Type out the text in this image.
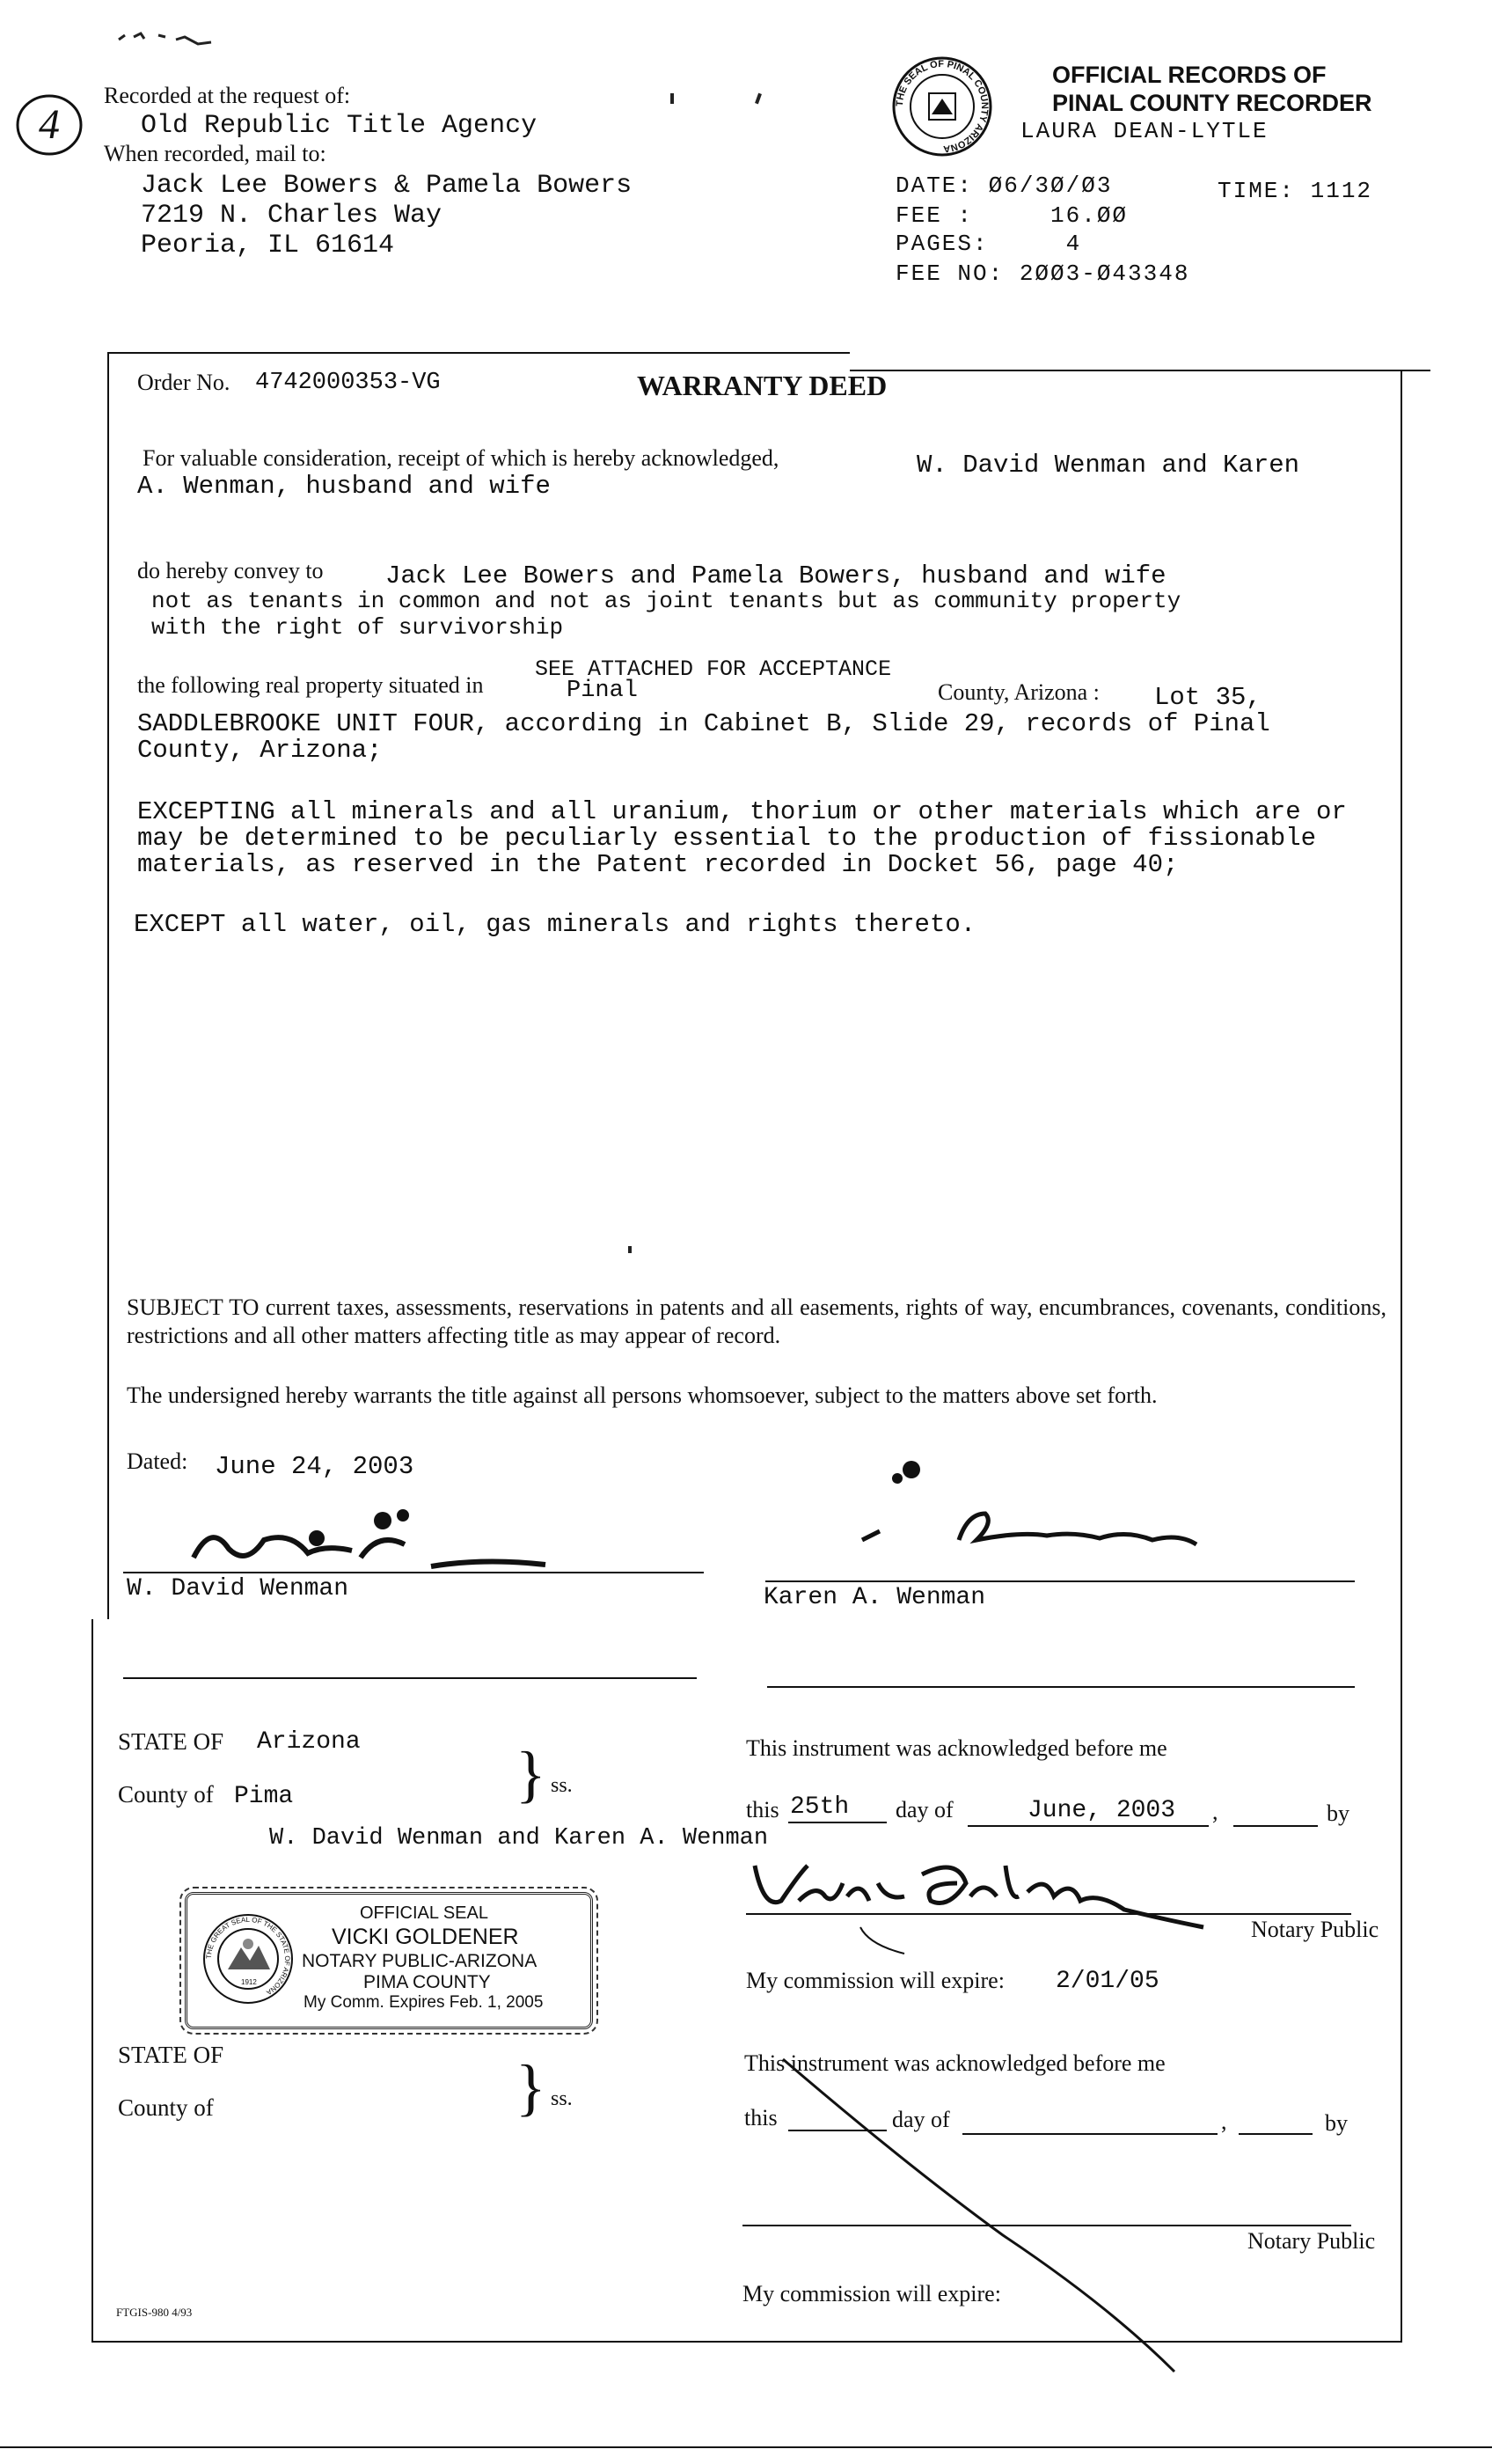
4
Recorded at the request of:
Old Republic Title Agency
When recorded, mail to:
Jack Lee Bowers & Pamela Bowers
7219 N. Charles Way
Peoria, IL 61614
THE SEAL OF PINAL COUNTY ARIZONA
OFFICIAL RECORDS OF
PINAL COUNTY RECORDER
LAURA DEAN-LYTLE
DATE: Ø6/3Ø/Ø3	TIME: 1112
FEE :     16.ØØ
PAGES:     4
FEE NO: 2ØØ3-Ø43348
Order No. 4742000353-VG	WARRANTY DEED
For valuable consideration, receipt of which is hereby acknowledged,	W. David Wenman and Karen
A. Wenman, husband and wife
do hereby convey to Jack Lee Bowers and Pamela Bowers, husband and wife
not as tenants in common and not as joint tenants but as community property
with the right of survivorship
SEE ATTACHED FOR ACCEPTANCE
the following real property situated in	Pinal	County, Arizona : Lot 35,
SADDLEBROOKE UNIT FOUR, according in Cabinet B, Slide 29, records of Pinal
County, Arizona;
EXCEPTING all minerals and all uranium, thorium or other materials which are or
may be determined to be peculiarly essential to the production of fissionable
materials, as reserved in the Patent recorded in Docket 56, page 40;
EXCEPT all water, oil, gas minerals and rights thereto.
SUBJECT TO current taxes, assessments, reservations in patents and all easements, rights of way, encumbrances, covenants, conditions, restrictions and all other matters affecting title as may appear of record.
The undersigned hereby warrants the title against all persons whomsoever, subject to the matters above set forth.
Dated: June 24, 2003
W. David Wenman	Karen A. Wenman
STATE OF Arizona
County of Pima	} ss.
W. David Wenman and Karen A. Wenman
This instrument was acknowledged before me
this 25th day of	June, 2003 ,	by
Notary Public
My commission will expire: 2/01/05
THE GREAT SEAL OF THE STATE OF ARIZONA
1912
OFFICIAL SEAL
VICKI GOLDENER
NOTARY PUBLIC-ARIZONA
PIMA COUNTY
My Comm. Expires Feb. 1, 2005
STATE OF
County of	} ss.
This instrument was acknowledged before me
this	day of	,	by
Notary Public
My commission will expire:
FTGIS-980 4/93
